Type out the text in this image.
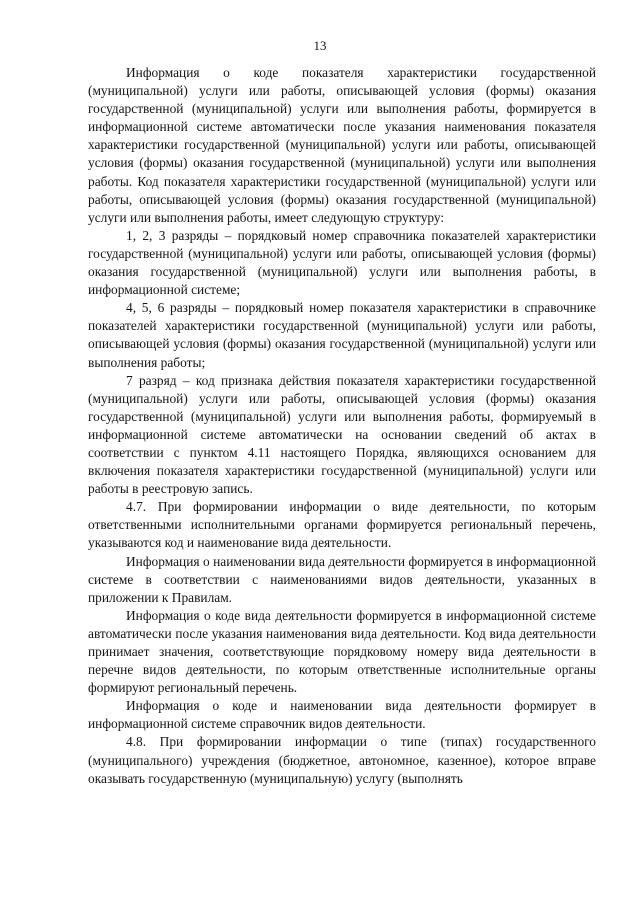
13

Информация о коде показателя характеристики государственной (муниципальной) услуги или работы, описывающей условия (формы) оказания государственной (муниципальной) услуги или выполнения работы, формируется в информационной системе автоматически после указания наименования показателя характеристики государственной (муниципальной) услуги или работы, описывающей условия (формы) оказания государственной (муниципальной) услуги или выполнения работы. Код показателя характеристики государственной (муниципальной) услуги или работы, описывающей условия (формы) оказания государственной (муниципальной) услуги или выполнения работы, имеет следующую структуру:

1, 2, 3 разряды – порядковый номер справочника показателей характеристики государственной (муниципальной) услуги или работы, описывающей условия (формы) оказания государственной (муниципальной) услуги или выполнения работы, в информационной системе;

4, 5, 6 разряды – порядковый номер показателя характеристики в справочнике показателей характеристики государственной (муниципальной) услуги или работы, описывающей условия (формы) оказания государственной (муниципальной) услуги или выполнения работы;

7 разряд – код признака действия показателя характеристики государственной (муниципальной) услуги или работы, описывающей условия (формы) оказания государственной (муниципальной) услуги или выполнения работы, формируемый в информационной системе автоматически на основании сведений об актах в соответствии с пунктом 4.11 настоящего Порядка, являющихся основанием для включения показателя характеристики государственной (муниципальной) услуги или работы в реестровую запись.

4.7. При формировании информации о виде деятельности, по которым ответственными исполнительными органами формируется региональный перечень, указываются код и наименование вида деятельности.

Информация о наименовании вида деятельности формируется в информационной системе в соответствии с наименованиями видов деятельности, указанных в приложении к Правилам.

Информация о коде вида деятельности формируется в информационной системе автоматически после указания наименования вида деятельности. Код вида деятельности принимает значения, соответствующие порядковому номеру вида деятельности в перечне видов деятельности, по которым ответственные исполнительные органы формируют региональный перечень.

Информация о коде и наименовании вида деятельности формирует в информационной системе справочник видов деятельности.

4.8. При формировании информации о типе (типах) государственного (муниципального) учреждения (бюджетное, автономное, казенное), которое вправе оказывать государственную (муниципальную) услугу (выполнять
